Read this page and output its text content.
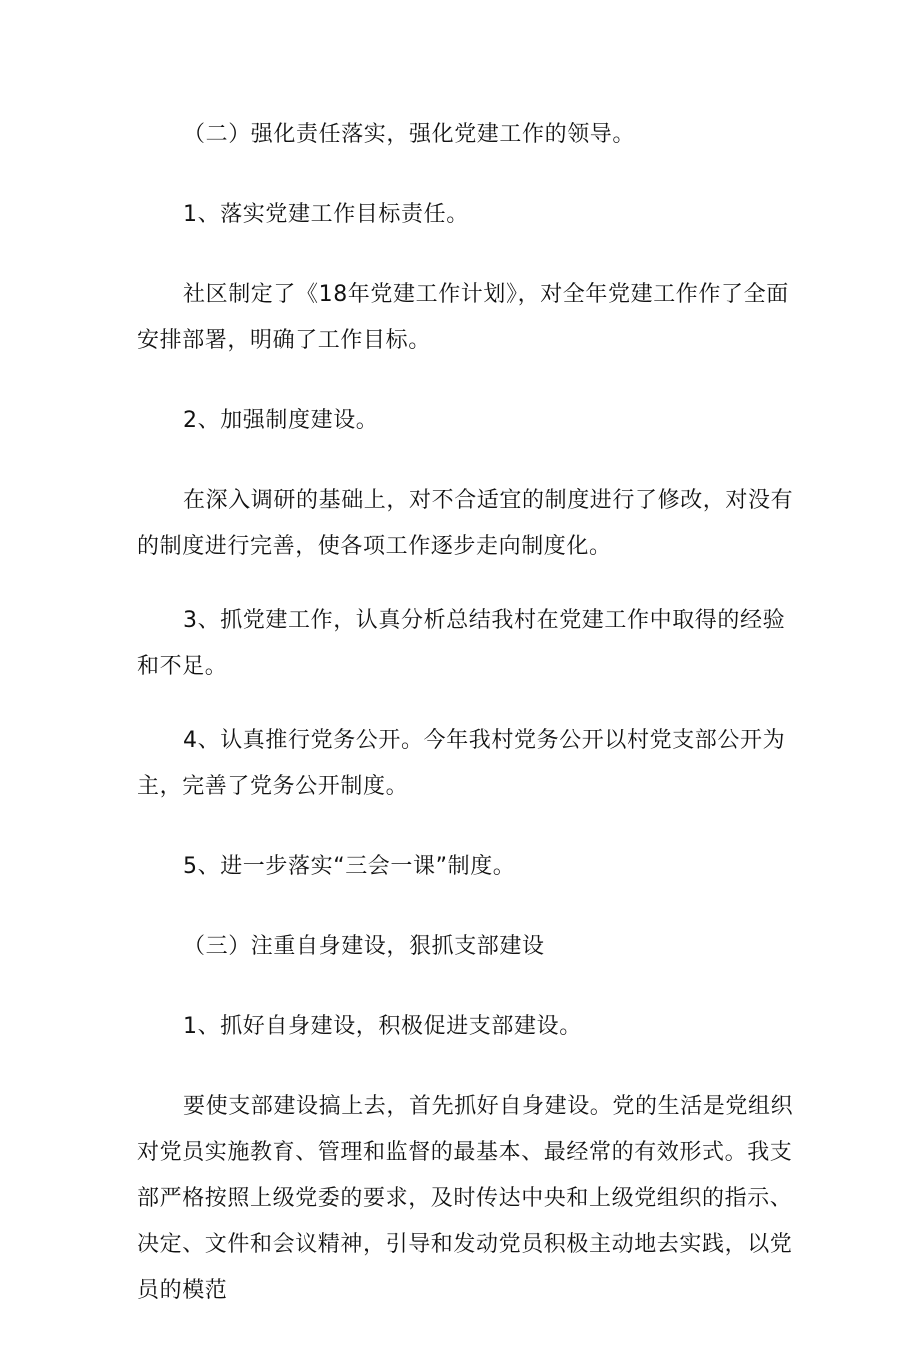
（二）强化责任落实，强化党建工作的领导。

1、落实党建工作目标责任。

社区制定了《18年党建工作计划》，对全年党建工作作了全面安排部署，明确了工作目标。

2、加强制度建设。

在深入调研的基础上，对不合适宜的制度进行了修改，对没有的制度进行完善，使各项工作逐步走向制度化。

3、抓党建工作，认真分析总结我村在党建工作中取得的经验和不足。

4、认真推行党务公开。今年我村党务公开以村党支部公开为主，完善了党务公开制度。

5、进一步落实“三会一课”制度。

（三）注重自身建设，狠抓支部建设

1、抓好自身建设，积极促进支部建设。

要使支部建设搞上去，首先抓好自身建设。党的生活是党组织对党员实施教育、管理和监督的最基本、最经常的有效形式。我支部严格按照上级党委的要求，及时传达中央和上级党组织的指示、决定、文件和会议精神，引导和发动党员积极主动地去实践，以党员的模范
